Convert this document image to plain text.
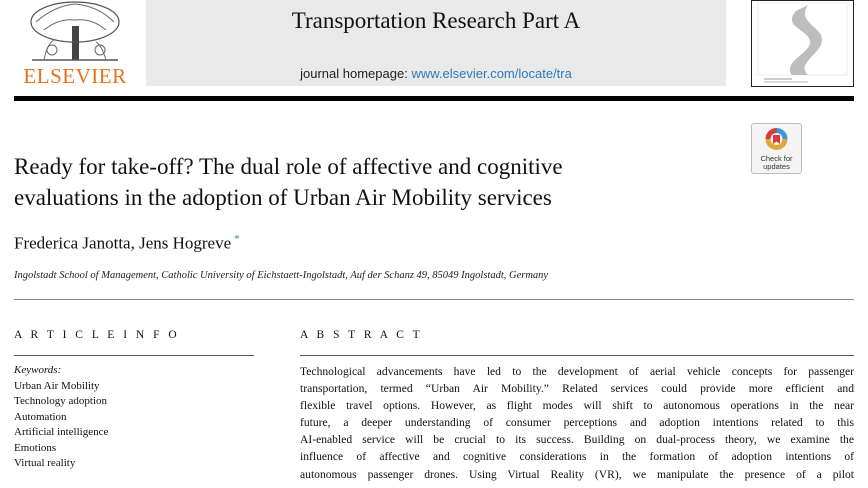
ELSEVIER
Transportation Research Part A
journal homepage: www.elsevier.com/locate/tra
Check for
updates
Ready for take-off? The dual role of affective and cognitive
evaluations in the adoption of Urban Air Mobility services
Frederica Janotta, Jens Hogreve *
Ingolstadt School of Management, Catholic University of Eichstaett-Ingolstadt, Auf der Schanz 49, 85049 Ingolstadt, Germany
A R T I C L E I N F O
Keywords:
Urban Air Mobility
Technology adoption
Automation
Artificial intelligence
Emotions
Virtual reality
A B S T R A C T
Technological advancements have led to the development of aerial vehicle concepts for passenger
transportation, termed “Urban Air Mobility.” Related services could provide more efficient and
flexible travel options. However, as flight modes will shift to autonomous operations in the near
future, a deeper understanding of consumer perceptions and adoption intentions related to this
AI-enabled service will be crucial to its success. Building on dual-process theory, we examine the
influence of affective and cognitive considerations in the formation of adoption intentions of
autonomous passenger drones. Using Virtual Reality (VR), we manipulate the presence of a pilot
